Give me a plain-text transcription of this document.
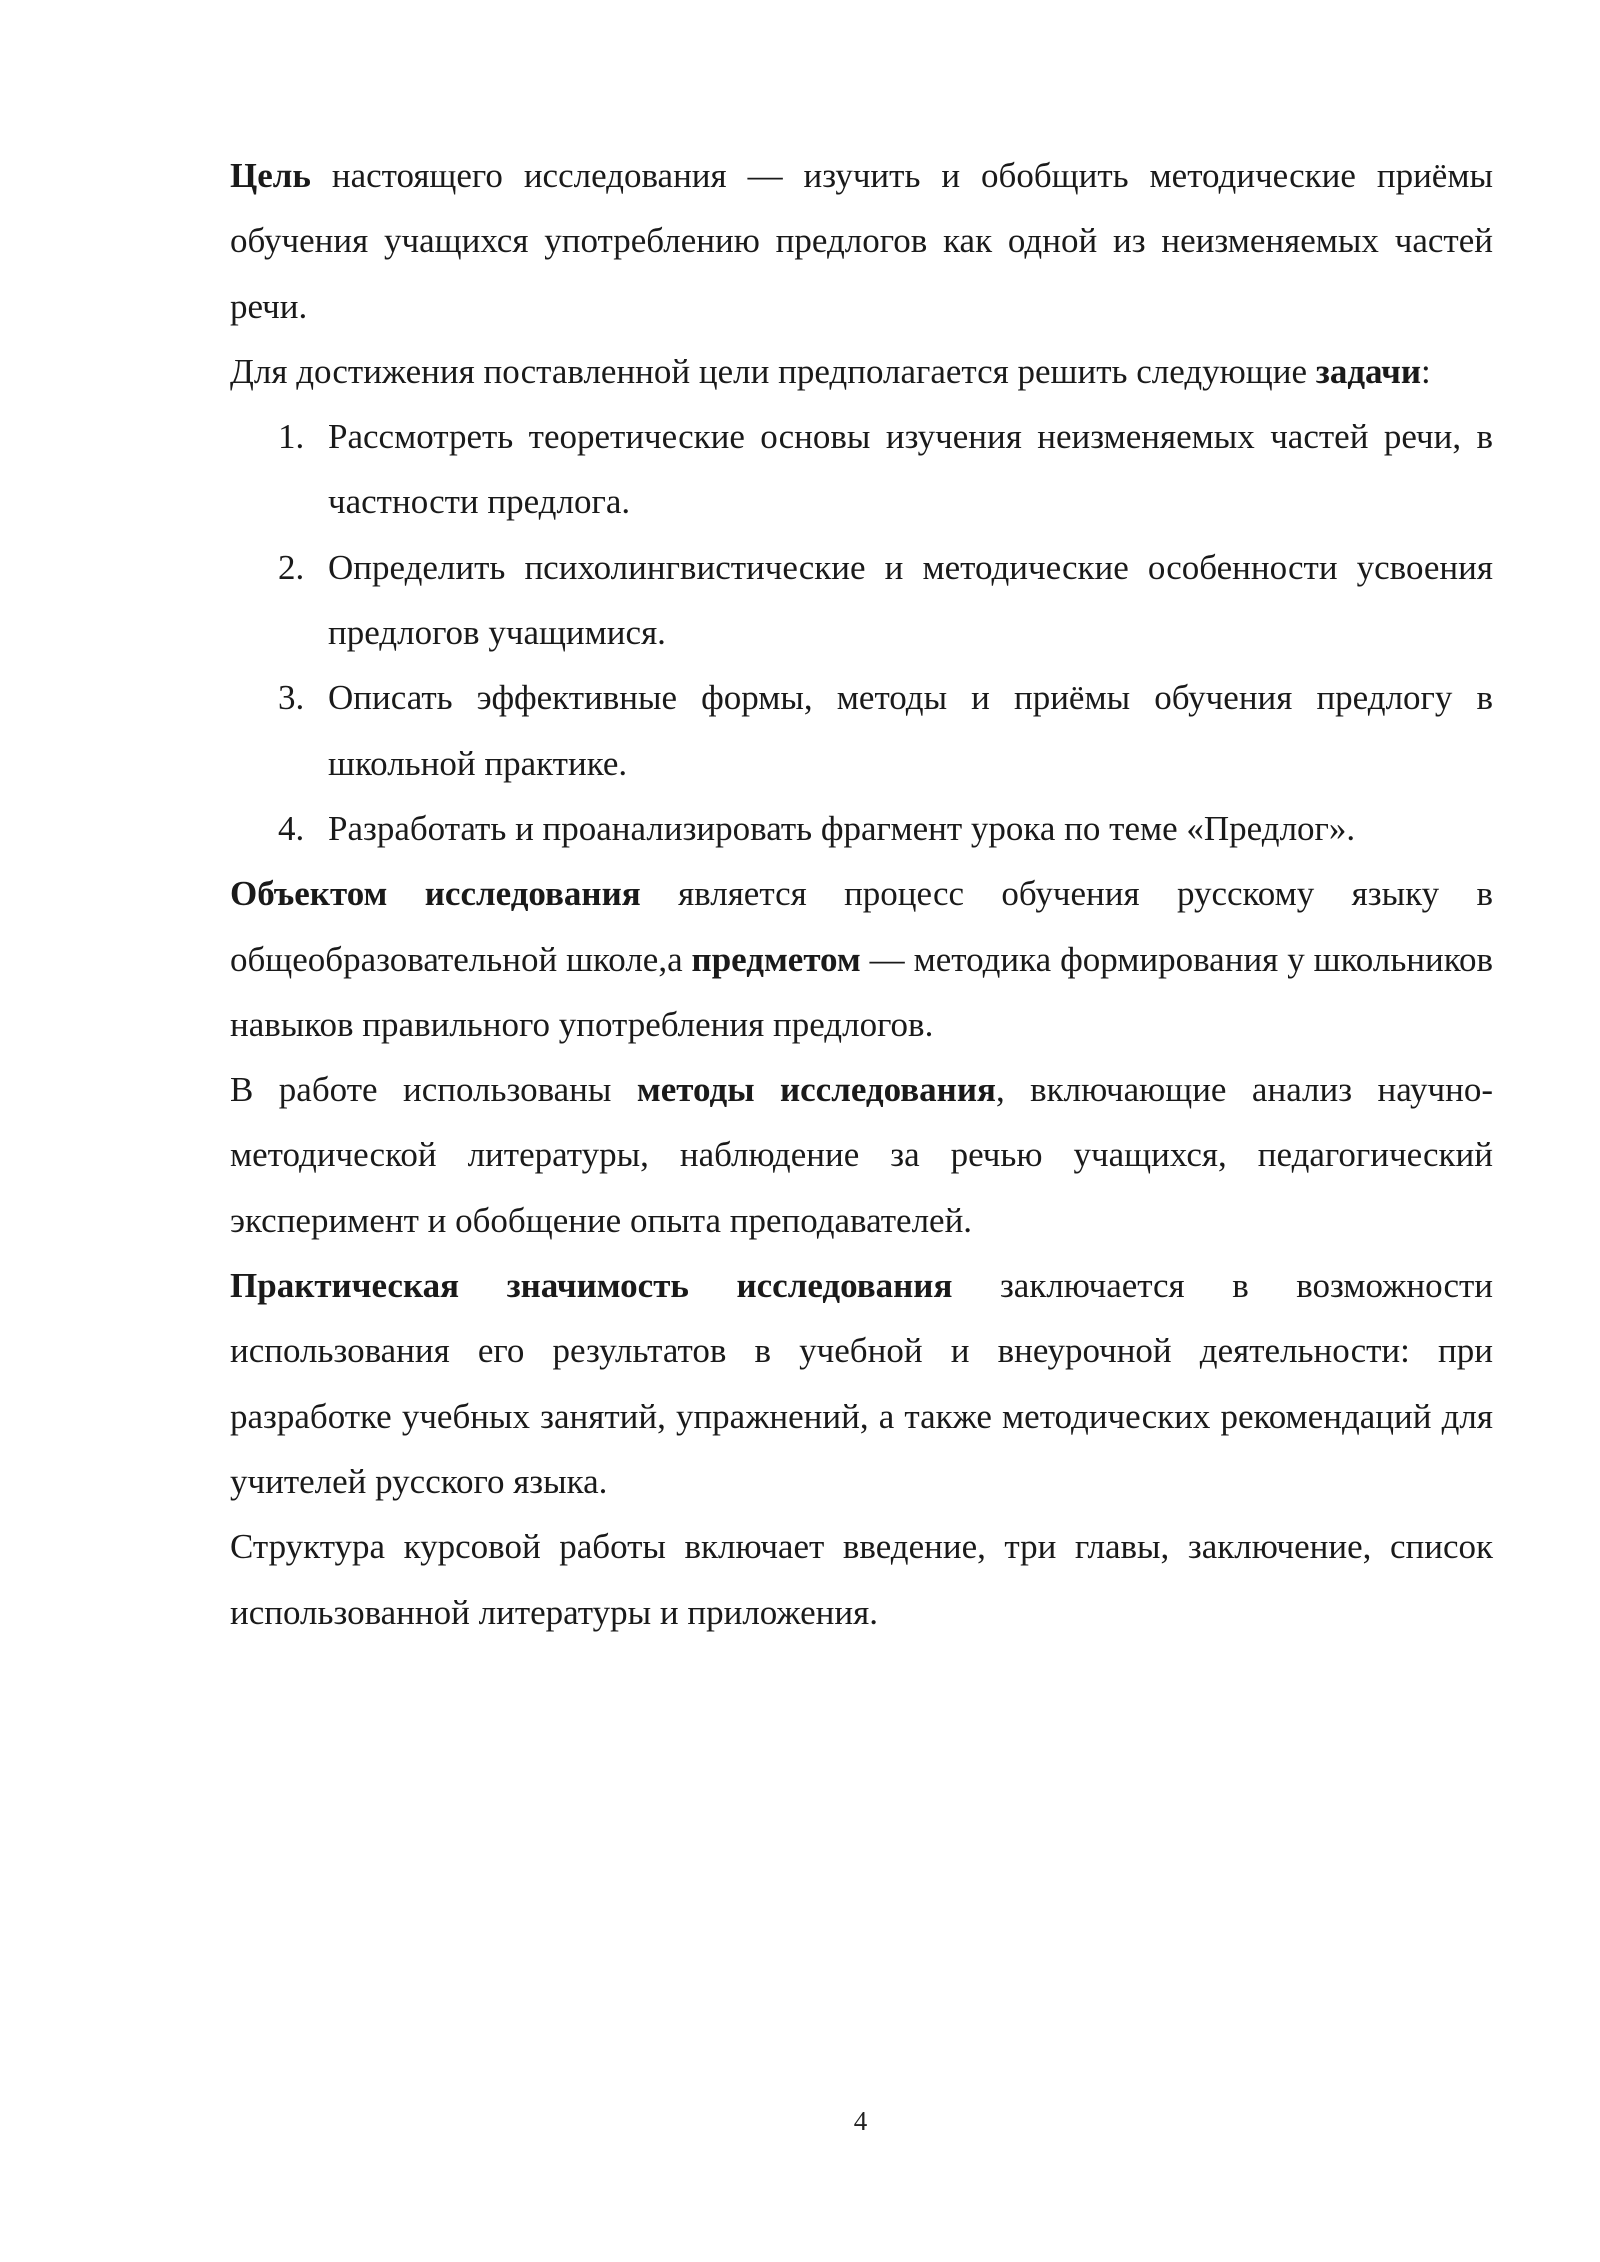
Цель настоящего исследования — изучить и обобщить методические приёмы обучения учащихся употреблению предлогов как одной из неизменяемых частей речи.

Для достижения поставленной цели предполагается решить следующие задачи:

1. Рассмотреть теоретические основы изучения неизменяемых частей речи, в частности предлога.
2. Определить психолингвистические и методические особенности усвоения предлогов учащимися.
3. Описать эффективные формы, методы и приёмы обучения предлогу в школьной практике.
4. Разработать и проанализировать фрагмент урока по теме «Предлог».

Объектом исследования является процесс обучения русскому языку в общеобразовательной школе,а предметом — методика формирования у школьников навыков правильного употребления предлогов.

В работе использованы методы исследования, включающие анализ научно-методической литературы, наблюдение за речью учащихся, педагогический эксперимент и обобщение опыта преподавателей.

Практическая значимость исследования заключается в возможности использования его результатов в учебной и внеурочной деятельности: при разработке учебных занятий, упражнений, а также методических рекомендаций для учителей русского языка.

Структура курсовой работы включает введение, три главы, заключение, список использованной литературы и приложения.

4
